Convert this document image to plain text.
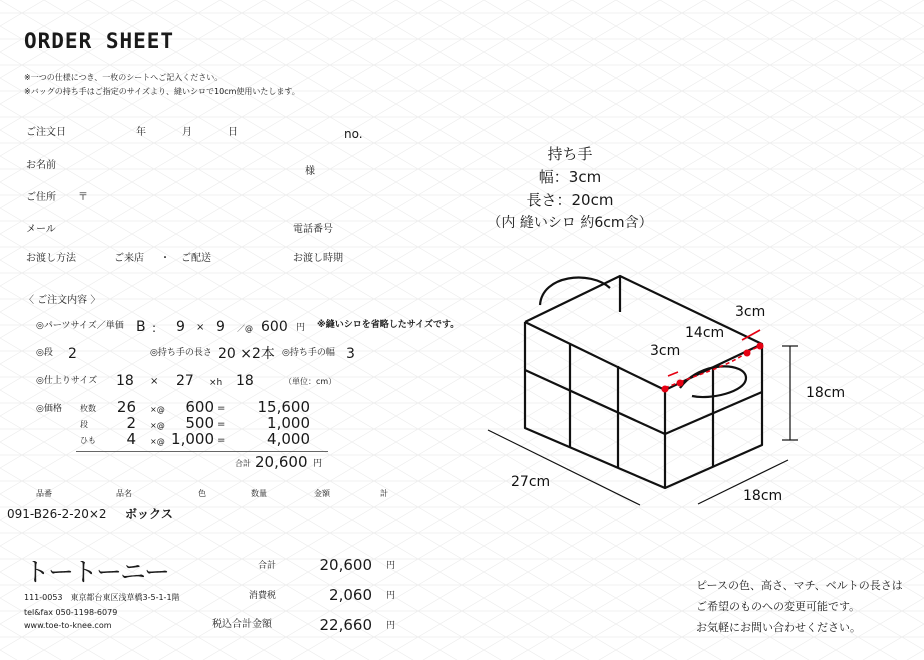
ORDER SHEET
※一つの仕様につき、一枚のシートへご記入ください。
※バッグの持ち手はご指定のサイズより、縫いシロで10cm使用いたします。
ご注文日	年	月	日	no.
お名前
様
ご住所 〒
メール	電話番号
お渡し方法	ご来店 ・ ご配送	お渡し時期
〈 ご注文内容 〉
◎パーツサイズ／単価 B : 9 × 9 ／@ 600 円 ※縫いシロを省略したサイズです。
◎段 2	◎持ち手の長さ 20 ×2本 ◎持ち手の幅 3
◎仕上りサイズ 18 × 27 ×h 18	（単位：cm）
◎価格 枚数	26 ×@	600 =	15,600
段	2 ×@	500 =	1,000
ひも	4 ×@ 1,000 =	4,000
合計 20,600 円
品番	品名	色	数量	金額	計
091-B26-2-20×2 ボックス
トートーニー
111-0053　東京都台東区浅草橋3-5-1-1階
tel&fax 050-1198-6079
www.toe-to-knee.com
合計	20,600 円
消費税	2,060 円
税込合計金額	22,660 円
持ち手
幅：3cm
長さ：20cm
（内 縫いシロ 約6cm含）
3cm
14cm
3cm
18cm
27cm
18cm
ピースの色、高さ、マチ、ベルトの長さは
ご希望のものへの変更可能です。
お気軽にお問い合わせください。
